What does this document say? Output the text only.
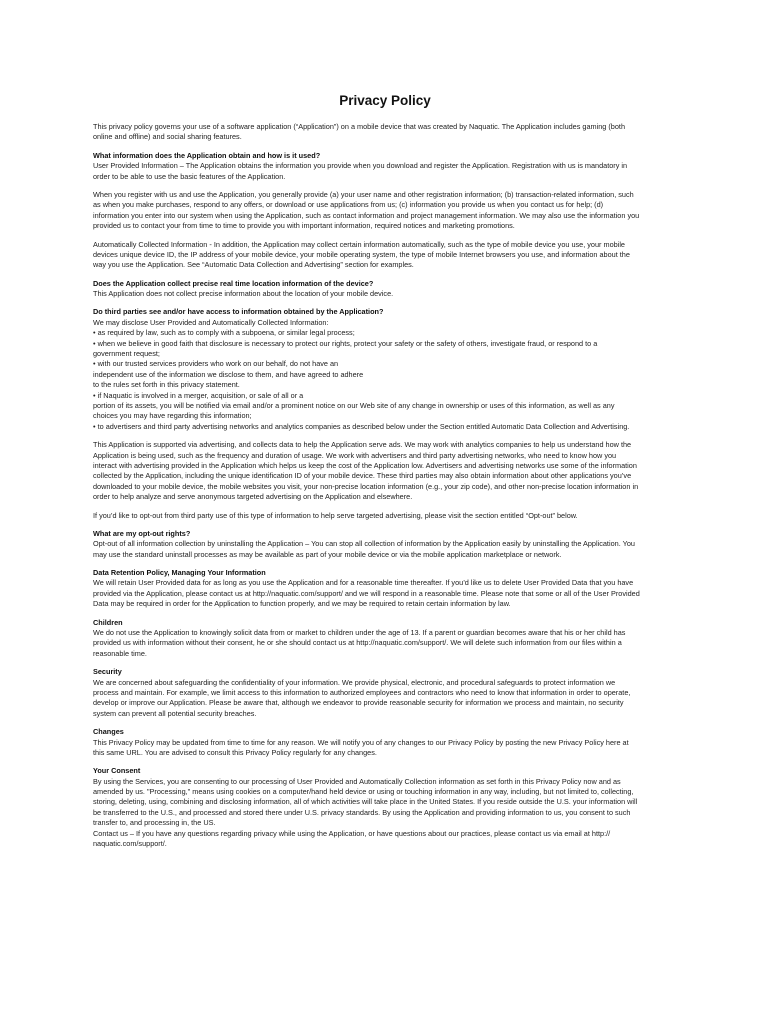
Privacy Policy
This privacy policy governs your use of a software application (“Application”) on a mobile device that was created by Naquatic. The Application includes gaming (both
online and offline) and social sharing features.
What information does the Application obtain and how is it used?
User Provided Information – The Application obtains the information you provide when you download and register the Application. Registration with us is mandatory in
order to be able to use the basic features of the Application.
When you register with us and use the Application, you generally provide (a) your user name and other registration information; (b) transaction-related information, such
as when you make purchases, respond to any offers, or download or use applications from us; (c) information you provide us when you contact us for help; (d)
information you enter into our system when using the Application, such as contact information and project management information. We may also use the information you
provided us to contact your from time to time to provide you with important information, required notices and marketing promotions.
Automatically Collected Information - In addition, the Application may collect certain information automatically, such as the type of mobile device you use, your mobile
devices unique device ID, the IP address of your mobile device, your mobile operating system, the type of mobile Internet browsers you use, and information about the
way you use the Application. See “Automatic Data Collection and Advertising” section for examples.
Does the Application collect precise real time location information of the device?
This Application does not collect precise information about the location of your mobile device.
Do third parties see and/or have access to information obtained by the Application?
We may disclose User Provided and Automatically Collected Information:
• as required by law, such as to comply with a subpoena, or similar legal process;
• when we believe in good faith that disclosure is necessary to protect our rights, protect your safety or the safety of others, investigate fraud, or respond to a
government request;
• with our trusted services providers who work on our behalf, do not have an
independent use of the information we disclose to them, and have agreed to adhere
to the rules set forth in this privacy statement.
• if Naquatic is involved in a merger, acquisition, or sale of all or a
portion of its assets, you will be notified via email and/or a prominent notice on our Web site of any change in ownership or uses of this information, as well as any
choices you may have regarding this information;
• to advertisers and third party advertising networks and analytics companies as described below under the Section entitled Automatic Data Collection and Advertising.
This Application is supported via advertising, and collects data to help the Application serve ads. We may work with analytics companies to help us understand how the
Application is being used, such as the frequency and duration of usage. We work with advertisers and third party advertising networks, who need to know how you
interact with advertising provided in the Application which helps us keep the cost of the Application low. Advertisers and advertising networks use some of the information
collected by the Application, including the unique identification ID of your mobile device. These third parties may also obtain information about other applications you’ve
downloaded to your mobile device, the mobile websites you visit, your non-precise location information (e.g., your zip code), and other non-precise location information in
order to help analyze and serve anonymous targeted advertising on the Application and elsewhere.
If you’d like to opt-out from third party use of this type of information to help serve targeted advertising, please visit the section entitled “Opt-out” below.
What are my opt-out rights?
Opt-out of all information collection by uninstalling the Application – You can stop all collection of information by the Application easily by uninstalling the Application. You
may use the standard uninstall processes as may be available as part of your mobile device or via the mobile application marketplace or network.
Data Retention Policy, Managing Your Information
We will retain User Provided data for as long as you use the Application and for a reasonable time thereafter. If you’d like us to delete User Provided Data that you have
provided via the Application, please contact us at http://naquatic.com/support/ and we will respond in a reasonable time. Please note that some or all of the User Provided
Data may be required in order for the Application to function properly, and we may be required to retain certain information by law.
Children
We do not use the Application to knowingly solicit data from or market to children under the age of 13. If a parent or guardian becomes aware that his or her child has
provided us with information without their consent, he or she should contact us at http://naquatic.com/support/. We will delete such information from our files within a
reasonable time.
Security
We are concerned about safeguarding the confidentiality of your information. We provide physical, electronic, and procedural safeguards to protect information we
process and maintain. For example, we limit access to this information to authorized employees and contractors who need to know that information in order to operate,
develop or improve our Application. Please be aware that, although we endeavor to provide reasonable security for information we process and maintain, no security
system can prevent all potential security breaches.
Changes
This Privacy Policy may be updated from time to time for any reason. We will notify you of any changes to our Privacy Policy by posting the new Privacy Policy here at
this same URL. You are advised to consult this Privacy Policy regularly for any changes.
Your Consent
By using the Services, you are consenting to our processing of User Provided and Automatically Collection information as set forth in this Privacy Policy now and as
amended by us. "Processing," means using cookies on a computer/hand held device or using or touching information in any way, including, but not limited to, collecting,
storing, deleting, using, combining and disclosing information, all of which activities will take place in the United States. If you reside outside the U.S. your information will
be transferred to the U.S., and processed and stored there under U.S. privacy standards. By using the Application and providing information to us, you consent to such
transfer to, and processing in, the US.
Contact us – If you have any questions regarding privacy while using the Application, or have questions about our practices, please contact us via email at http://
naquatic.com/support/.
